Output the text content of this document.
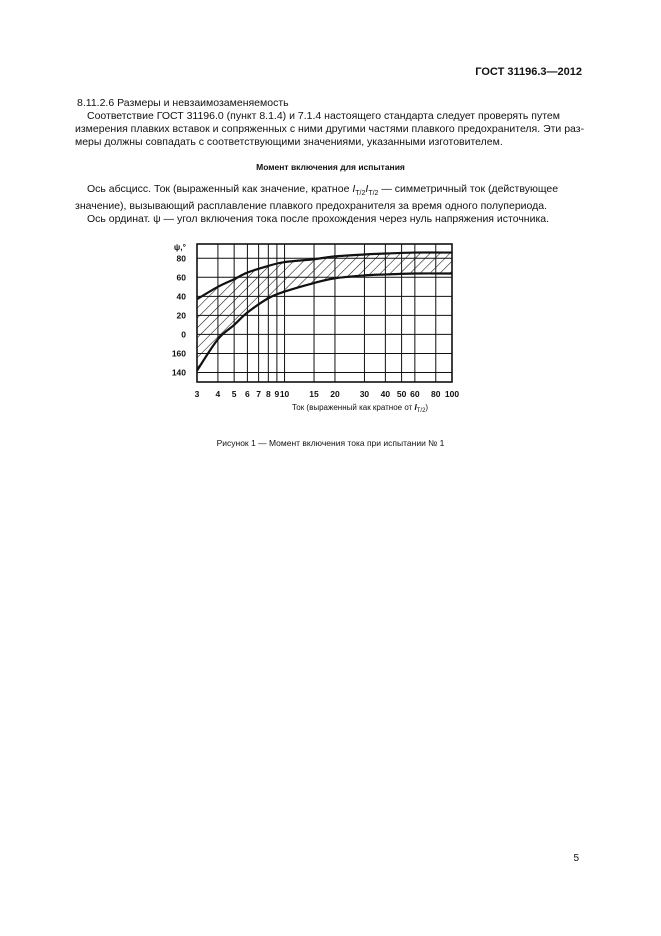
ГОСТ 31196.3—2012
8.11.2.6 Размеры и невзаимозаменяемость
Соответствие ГОСТ 31196.0 (пункт 8.1.4) и 7.1.4 настоящего стандарта следует проверять путем
измерения плавких вставок и сопряженных с ними другими частями плавкого предохранителя. Эти раз-
меры должны совпадать с соответствующими значениями, указанными изготовителем.
Момент включения для испытания
Ось абсцисс. Ток (выраженный как значение, кратное $I_{T/2}I_{T/2}$ — симметричный ток (действующее
значение), вызывающий расплавление плавкого предохранителя за время одного полупериода.
Ось ординат. ψ — угол включения тока после прохождения через нуль напряжения источника.
3 4 5 6 7 8 9 10 15 20 30 40 50 60 80 100
80
60
40
20
0
160
140
ψ,°
Ток (выраженный как кратное от $I_{T/2}$)
Рисунок 1 — Момент включения тока при испытании № 1
5
